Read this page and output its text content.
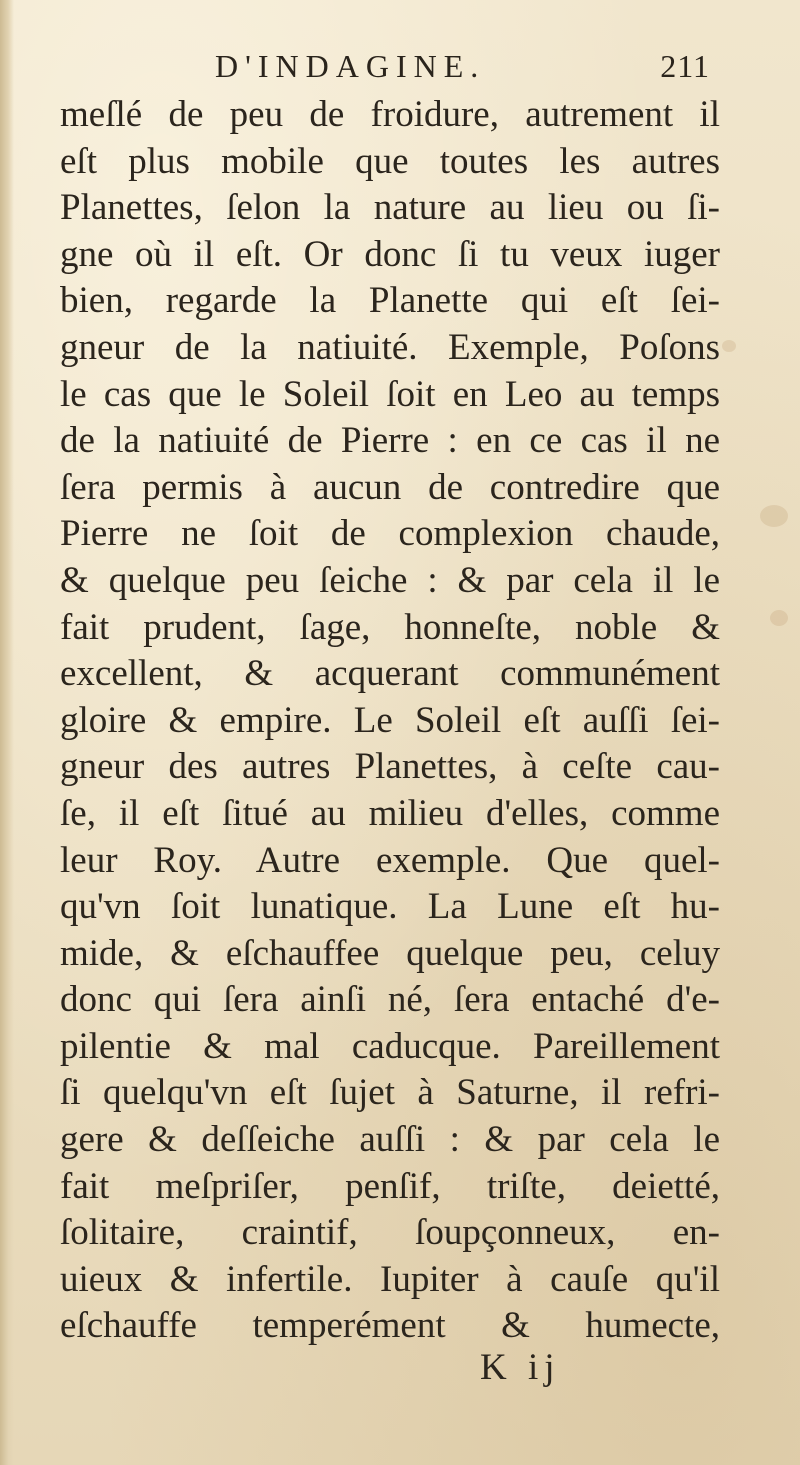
D'INDAGINE.	211
meſlé de peu de froidure, autrement il
eſt plus mobile que toutes les autres
Planettes, ſelon la nature au lieu ou ſi-
gne où il eſt. Or donc ſi tu veux iuger
bien, regarde la Planette qui eſt ſei-
gneur de la natiuité. Exemple, Poſons
le cas que le Soleil ſoit en Leo au temps
de la natiuité de Pierre : en ce cas il ne
ſera permis à aucun de contredire que
Pierre ne ſoit de complexion chaude,
& quelque peu ſeiche : & par cela il le
fait prudent, ſage, honneſte, noble &
excellent, & acquerant communément
gloire & empire. Le Soleil eſt auſſi ſei-
gneur des autres Planettes, à ceſte cau-
ſe, il eſt ſitué au milieu d'elles, comme
leur Roy. Autre exemple. Que quel-
qu'vn ſoit lunatique. La Lune eſt hu-
mide, & eſchauffee quelque peu, celuy
donc qui ſera ainſi né, ſera entaché d'e-
pilentie & mal caducque. Pareillement
ſi quelqu'vn eſt ſujet à Saturne, il refri-
gere & deſſeiche auſſi : & par cela le
fait meſpriſer, penſif, triſte, deietté,
ſolitaire, craintif, ſoupçonneux, en-
uieux & infertile. Iupiter à cauſe qu'il
eſchauffe temperément & humecte,
K ij
